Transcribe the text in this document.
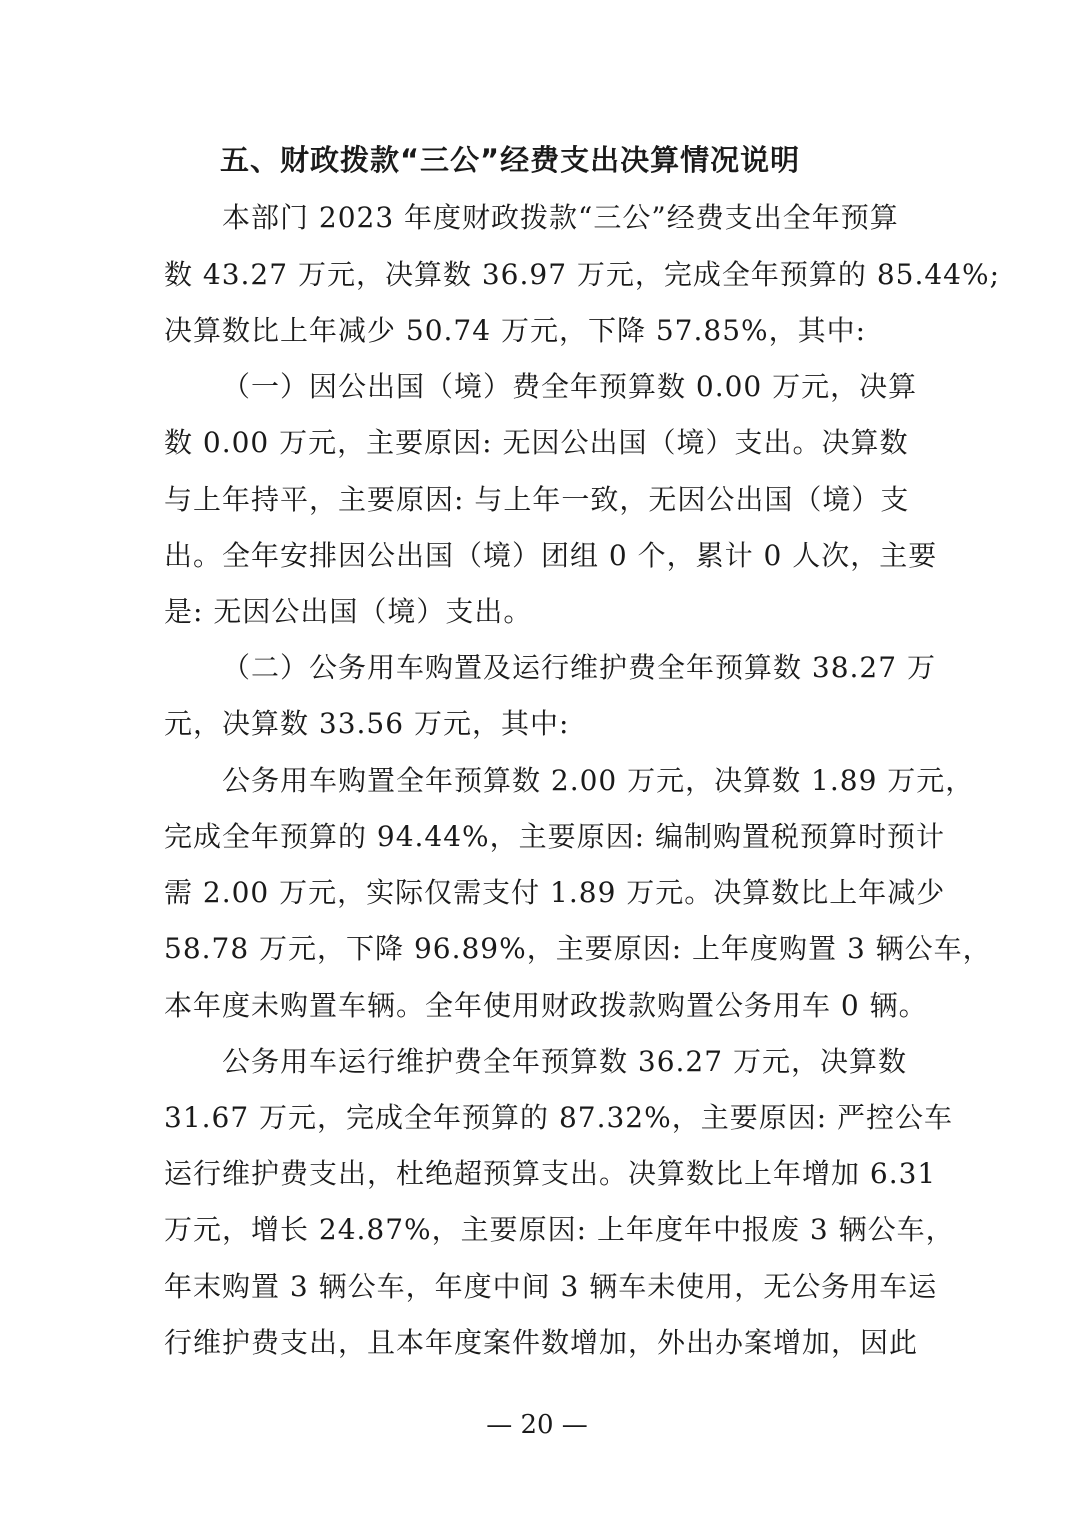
五、财政拨款“三公”经费支出决算情况说明
本部门 2023 年度财政拨款“三公”经费支出全年预算
数 43.27 万元，决算数 36.97 万元，完成全年预算的 85.44%;
决算数比上年减少 50.74 万元，下降 57.85%，其中:
（一）因公出国（境）费全年预算数 0.00 万元，决算
数 0.00 万元，主要原因: 无因公出国（境）支出。决算数
与上年持平，主要原因: 与上年一致，无因公出国（境）支
出。全年安排因公出国（境）团组 0 个，累计 0 人次，主要
是: 无因公出国（境）支出。
（二）公务用车购置及运行维护费全年预算数 38.27 万
元，决算数 33.56 万元，其中:
公务用车购置全年预算数 2.00 万元，决算数 1.89 万元，
完成全年预算的 94.44%，主要原因: 编制购置税预算时预计
需 2.00 万元，实际仅需支付 1.89 万元。决算数比上年减少
58.78 万元，下降 96.89%，主要原因: 上年度购置 3 辆公车，
本年度未购置车辆。全年使用财政拨款购置公务用车 0 辆。
公务用车运行维护费全年预算数 36.27 万元，决算数
31.67 万元，完成全年预算的 87.32%，主要原因: 严控公车
运行维护费支出，杜绝超预算支出。决算数比上年增加 6.31
万元，增长 24.87%，主要原因: 上年度年中报废 3 辆公车，
年末购置 3 辆公车，年度中间 3 辆车未使用，无公务用车运
行维护费支出，且本年度案件数增加，外出办案增加，因此
— 20 —
